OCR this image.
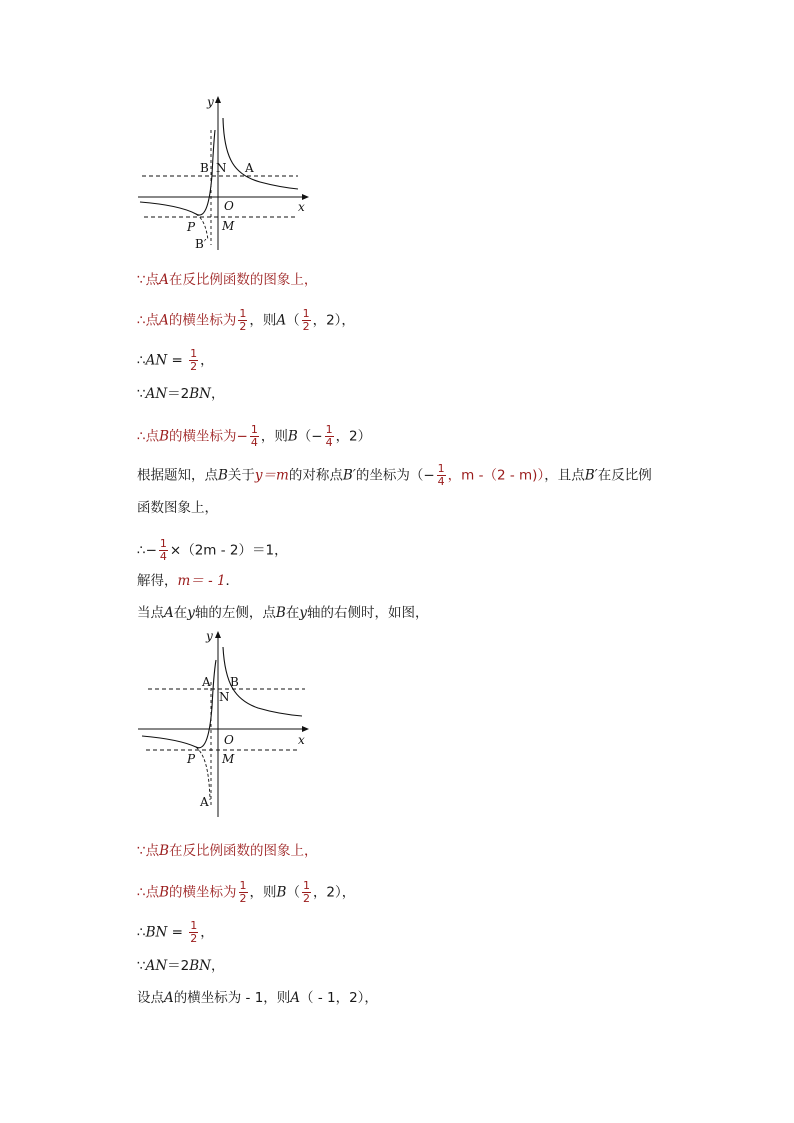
y
x
O
B N A
P M
B′
∵点A在反比例函数的图象上，
∴点A的横坐标为 $\frac{1}{2}$ ，则$A( \frac{1}{2}$ ，2），
∴AN = $\frac{1}{2}$ ，
∵AN＝2BN，
∴点B的横坐标为− $\frac{1}{4}$ ，则$B(- \frac{1}{4}$ ，2）
根据题知，点B关于y＝m的对称点B′的坐标为（− $\frac{1}{4}$ ，m -（2 - m)），且点B′在反比例
函数图象上，
∴− $\frac{1}{4} \times(2m - 2)=1$，
解得，m＝ - 1．
当点A在y轴的左侧，点B在y轴的右侧时，如图，
y
x
O
A B
N
P M
A
∵点B在反比例函数的图象上，
∴点B的横坐标为 $\frac{1}{2}$ ，则$B( \frac{1}{2}$ ，2），
∴BN = $\frac{1}{2}$ ，
∵AN＝2BN，
设点A的横坐标为 - 1，则A（ - 1，2），
